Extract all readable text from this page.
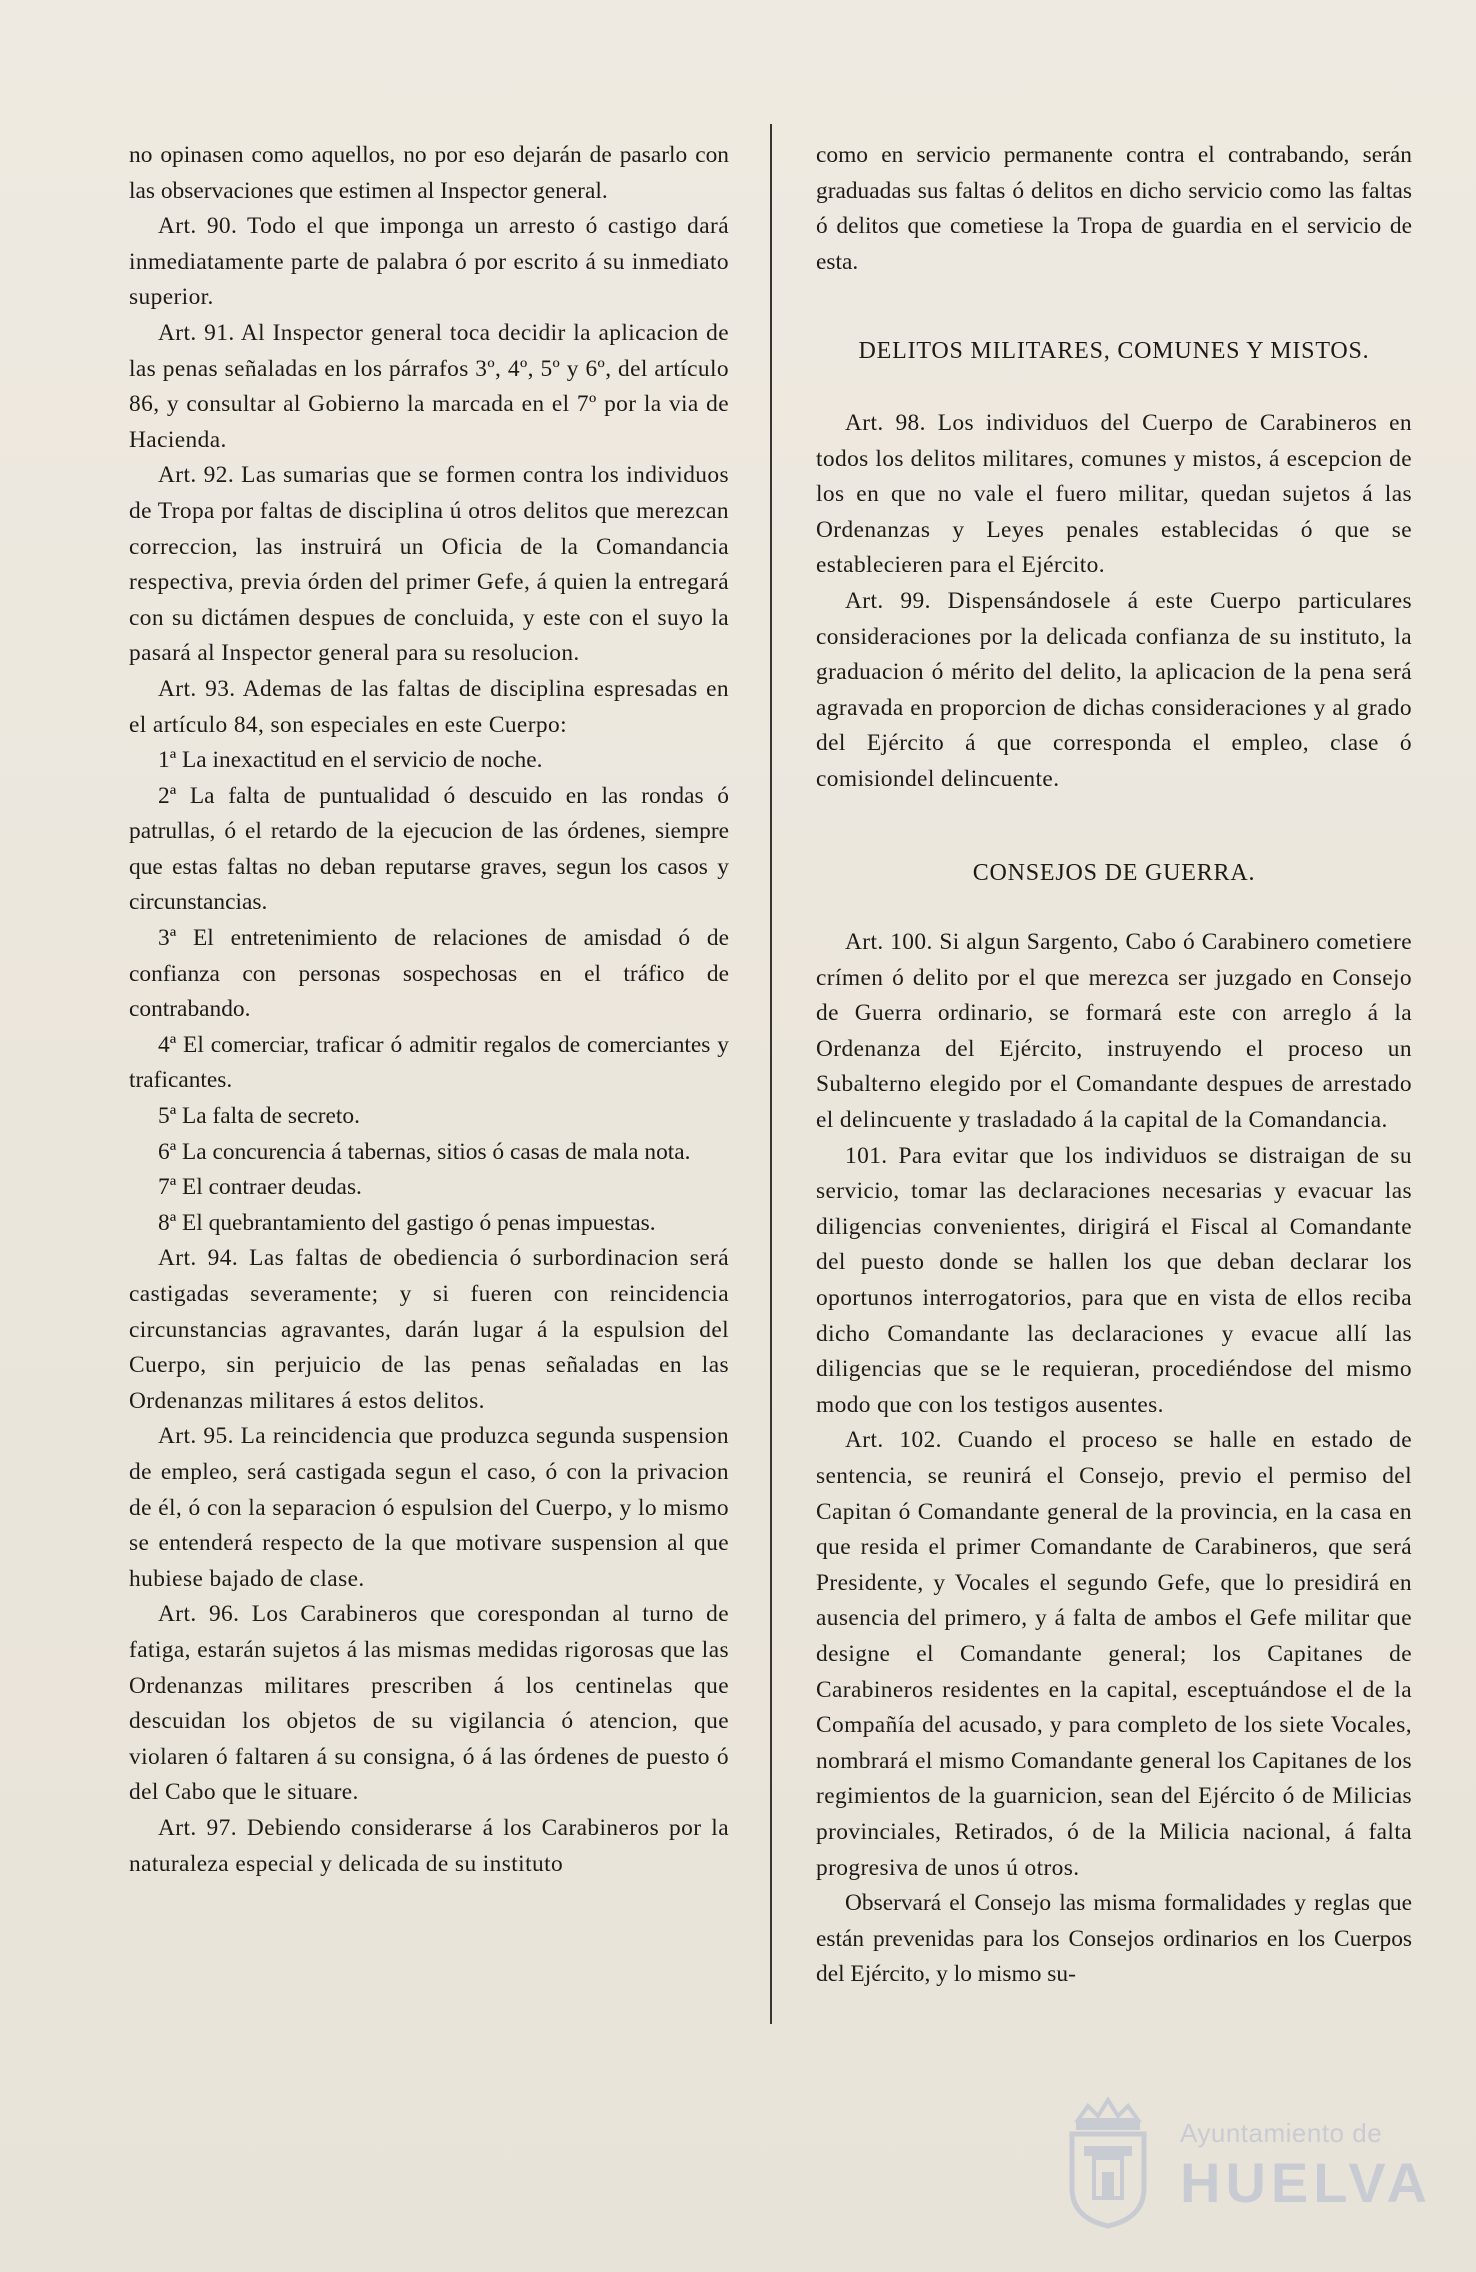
no opinasen como aquellos, no por eso dejarán de pasarlo con las observaciones que estimen al Inspector general.

Art. 90. Todo el que imponga un arresto ó castigo dará inmediatamente parte de palabra ó por escrito á su inmediato superior.

Art. 91. Al Inspector general toca decidir la aplicacion de las penas señaladas en los párrafos 3º, 4º, 5º y 6º, del artículo 86, y consultar al Gobierno la marcada en el 7º por la via de Hacienda.

Art. 92. Las sumarias que se formen contra los individuos de Tropa por faltas de disciplina ú otros delitos que merezcan correccion, las instruirá un Oficia de la Comandancia respectiva, previa órden del primer Gefe, á quien la entregará con su dictámen despues de concluida, y este con el suyo la pasará al Inspector general para su resolucion.

Art. 93. Ademas de las faltas de disciplina espresadas en el artículo 84, son especiales en este Cuerpo:

1ª La inexactitud en el servicio de noche.

2ª La falta de puntualidad ó descuido en las rondas ó patrullas, ó el retardo de la ejecucion de las órdenes, siempre que estas faltas no deban reputarse graves, segun los casos y circunstancias.

3ª El entretenimiento de relaciones de amisdad ó de confianza con personas sospechosas en el tráfico de contrabando.

4ª El comerciar, traficar ó admitir regalos de comerciantes y traficantes.

5ª La falta de secreto.

6ª La concurencia á tabernas, sitios ó casas de mala nota.

7ª El contraer deudas.

8ª El quebrantamiento del gastigo ó penas impuestas.

Art. 94. Las faltas de obediencia ó surbordinacion será castigadas severamente; y si fueren con reincidencia circunstancias agravantes, darán lugar á la espulsion del Cuerpo, sin perjuicio de las penas señaladas en las Ordenanzas militares á estos delitos.

Art. 95. La reincidencia que produzca segunda suspension de empleo, será castigada segun el caso, ó con la privacion de él, ó con la separacion ó espulsion del Cuerpo, y lo mismo se entenderá respecto de la que motivare suspension al que hubiese bajado de clase.

Art. 96. Los Carabineros que corespondan al turno de fatiga, estarán sujetos á las mismas medidas rigorosas que las Ordenanzas militares prescriben á los centinelas que descuidan los objetos de su vigilancia ó atencion, que violaren ó faltaren á su consigna, ó á las órdenes de puesto ó del Cabo que le situare.

Art. 97. Debiendo considerarse á los Carabineros por la naturaleza especial y delicada de su instituto

como en servicio permanente contra el contrabando, serán graduadas sus faltas ó delitos en dicho servicio como las faltas ó delitos que cometiese la Tropa de guardia en el servicio de esta.

DELITOS MILITARES, COMUNES Y MISTOS.

Art. 98. Los individuos del Cuerpo de Carabineros en todos los delitos militares, comunes y mistos, á escepcion de los en que no vale el fuero militar, quedan sujetos á las Ordenanzas y Leyes penales establecidas ó que se establecieren para el Ejército.

Art. 99. Dispensándosele á este Cuerpo particulares consideraciones por la delicada confianza de su instituto, la graduacion ó mérito del delito, la aplicacion de la pena será agravada en proporcion de dichas consideraciones y al grado del Ejército á que corresponda el empleo, clase ó comisiondel delincuente.

CONSEJOS DE GUERRA.

Art. 100. Si algun Sargento, Cabo ó Carabinero cometiere crímen ó delito por el que merezca ser juzgado en Consejo de Guerra ordinario, se formará este con arreglo á la Ordenanza del Ejército, instruyendo el proceso un Subalterno elegido por el Comandante despues de arrestado el delincuente y trasladado á la capital de la Comandancia.

101. Para evitar que los individuos se distraigan de su servicio, tomar las declaraciones necesarias y evacuar las diligencias convenientes, dirigirá el Fiscal al Comandante del puesto donde se hallen los que deban declarar los oportunos interrogatorios, para que en vista de ellos reciba dicho Comandante las declaraciones y evacue allí las diligencias que se le requieran, procediéndose del mismo modo que con los testigos ausentes.

Art. 102. Cuando el proceso se halle en estado de sentencia, se reunirá el Consejo, previo el permiso del Capitan ó Comandante general de la provincia, en la casa en que resida el primer Comandante de Carabineros, que será Presidente, y Vocales el segundo Gefe, que lo presidirá en ausencia del primero, y á falta de ambos el Gefe militar que designe el Comandante general; los Capitanes de Carabineros residentes en la capital, esceptuándose el de la Compañía del acusado, y para completo de los siete Vocales, nombrará el mismo Comandante general los Capitanes de los regimientos de la guarnicion, sean del Ejército ó de Milicias provinciales, Retirados, ó de la Milicia nacional, á falta progresiva de unos ú otros.

Observará el Consejo las misma formalidades y reglas que están prevenidas para los Consejos ordinarios en los Cuerpos del Ejército, y lo mismo su-

Ayuntamiento de
HUELVA
